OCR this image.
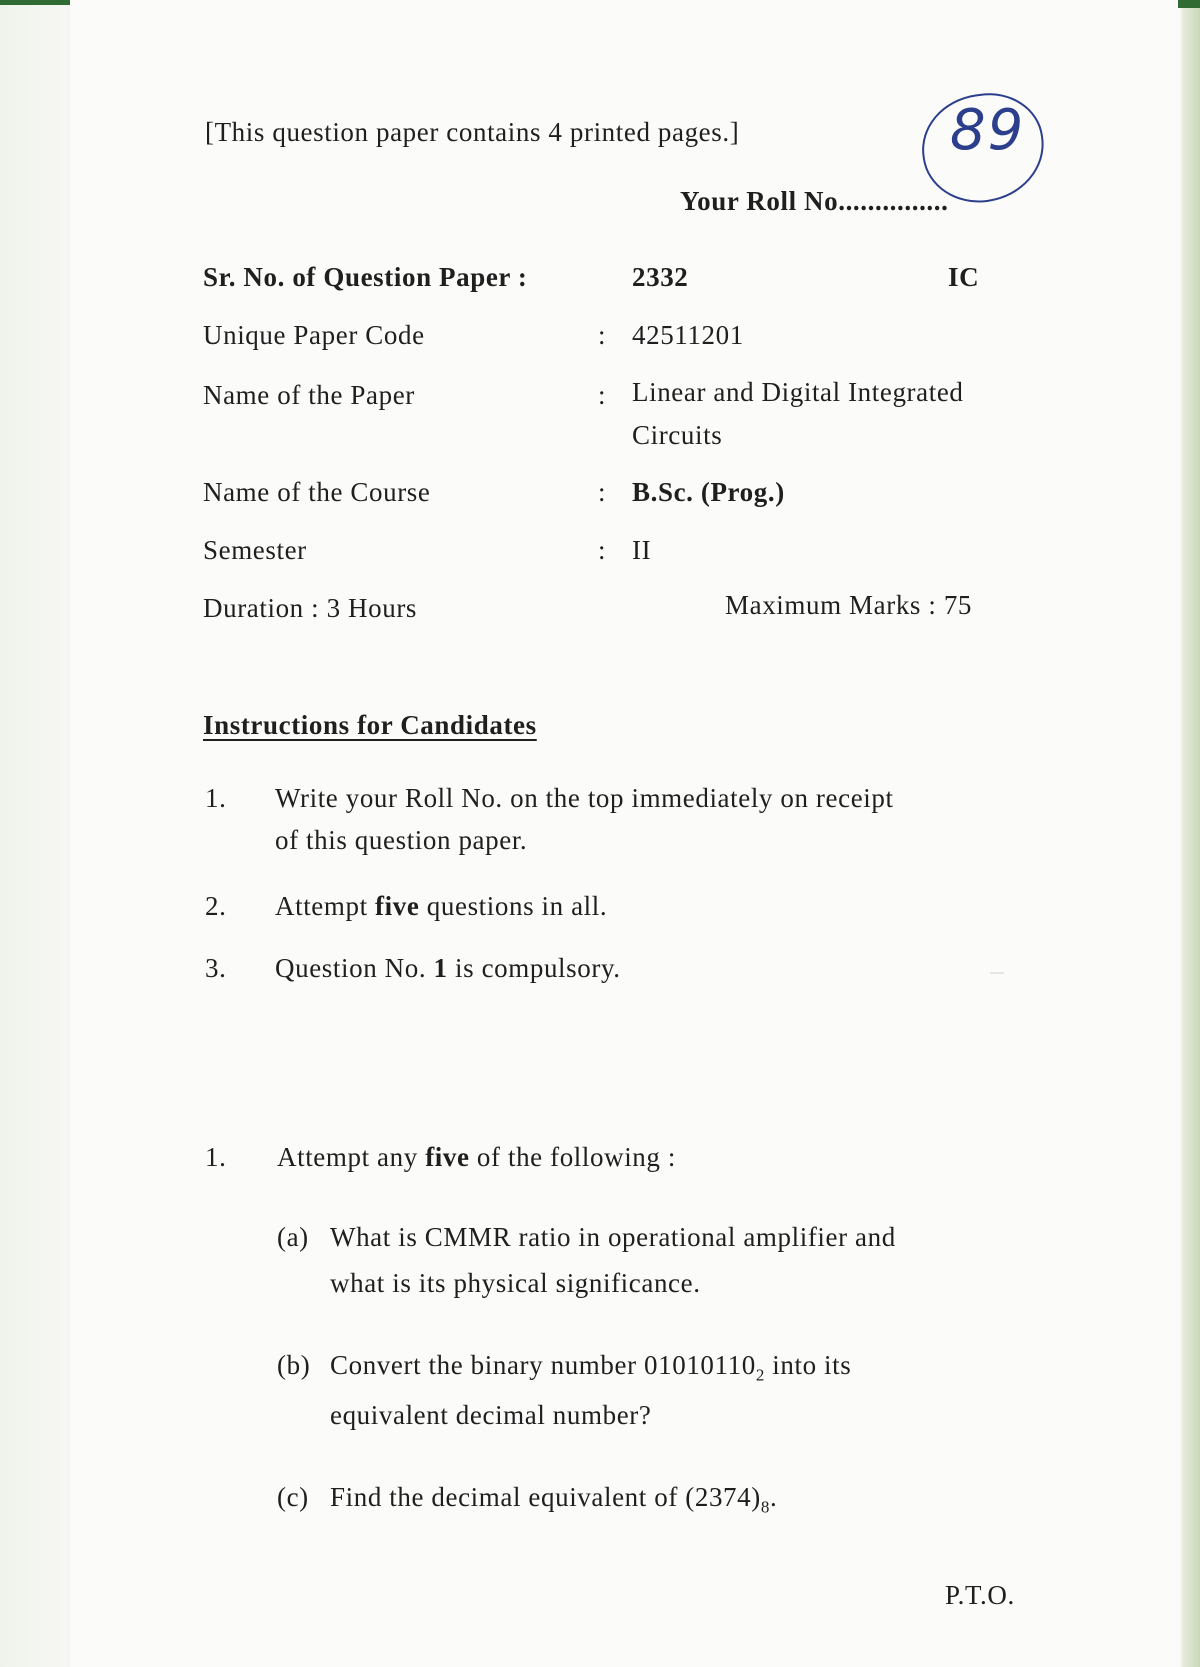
[This question paper contains 4 printed pages.]	89
Your Roll No...............
Sr. No. of Question Paper :	2332	IC
Unique Paper Code	: 42511201
Name of the Paper	: Linear and Digital Integrated
Circuits
Name of the Course	: B.Sc. (Prog.)
Semester	: II
Duration : 3 Hours	Maximum Marks : 75
Instructions for Candidates
1. Write your Roll No. on the top immediately on receipt
of this question paper.
2. Attempt five questions in all.
3. Question No. 1 is compulsory.
1. Attempt any five of the following :
(a) What is CMMR ratio in operational amplifier and
what is its physical significance.
(b) Convert the binary number $01010110_2$ into its
equivalent decimal number?
(c) Find the decimal equivalent of $(2374)_8$.
P.T.O.
